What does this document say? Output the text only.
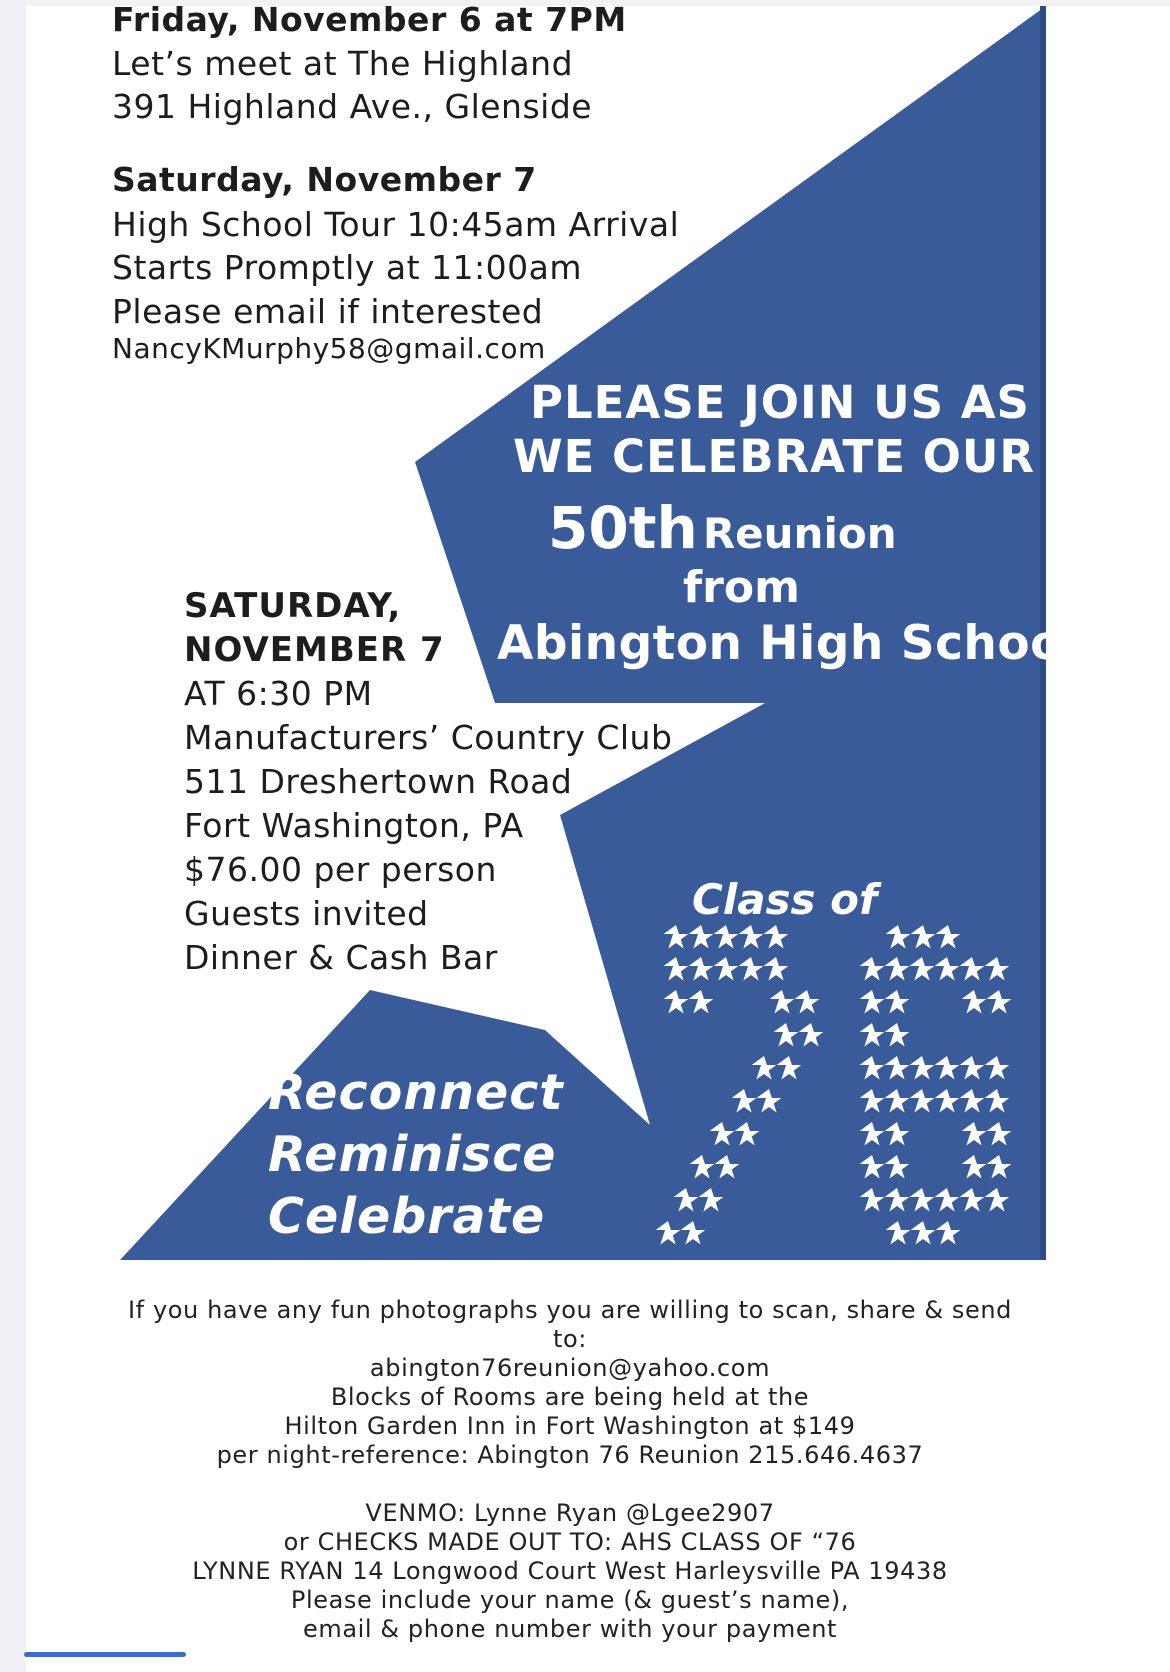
Friday, November 6 at 7PM
Let’s meet at The Highland
391 Highland Ave., Glenside
Saturday, November 7
High School Tour 10:45am Arrival
Starts Promptly at 11:00am
Please email if interested
NancyKMurphy58@gmail.com
PLEASE JOIN US AS
WE CELEBRATE OUR
50th Reunion
from
Abington High School
SATURDAY,
NOVEMBER 7
AT 6:30 PM
Manufacturers’ Country Club
511 Dreshertown Road
Fort Washington, PA
$76.00 per person
Guests invited
Dinner & Cash Bar
Reconnect
Reminisce
Celebrate
Class of

If you have any fun photographs you are willing to scan, share & send to:

abington76reunion@yahoo.com

Blocks of Rooms are being held at the

Hilton Garden Inn in Fort Washington at $149

per night-reference: Abington 76 Reunion 215.646.4637

VENMO: Lynne Ryan @Lgee2907

or CHECKS MADE OUT TO: AHS CLASS OF “76

LYNNE RYAN 14 Longwood Court West Harleysville PA 19438

Please include your name (& guest’s name),

email & phone number with your payment
